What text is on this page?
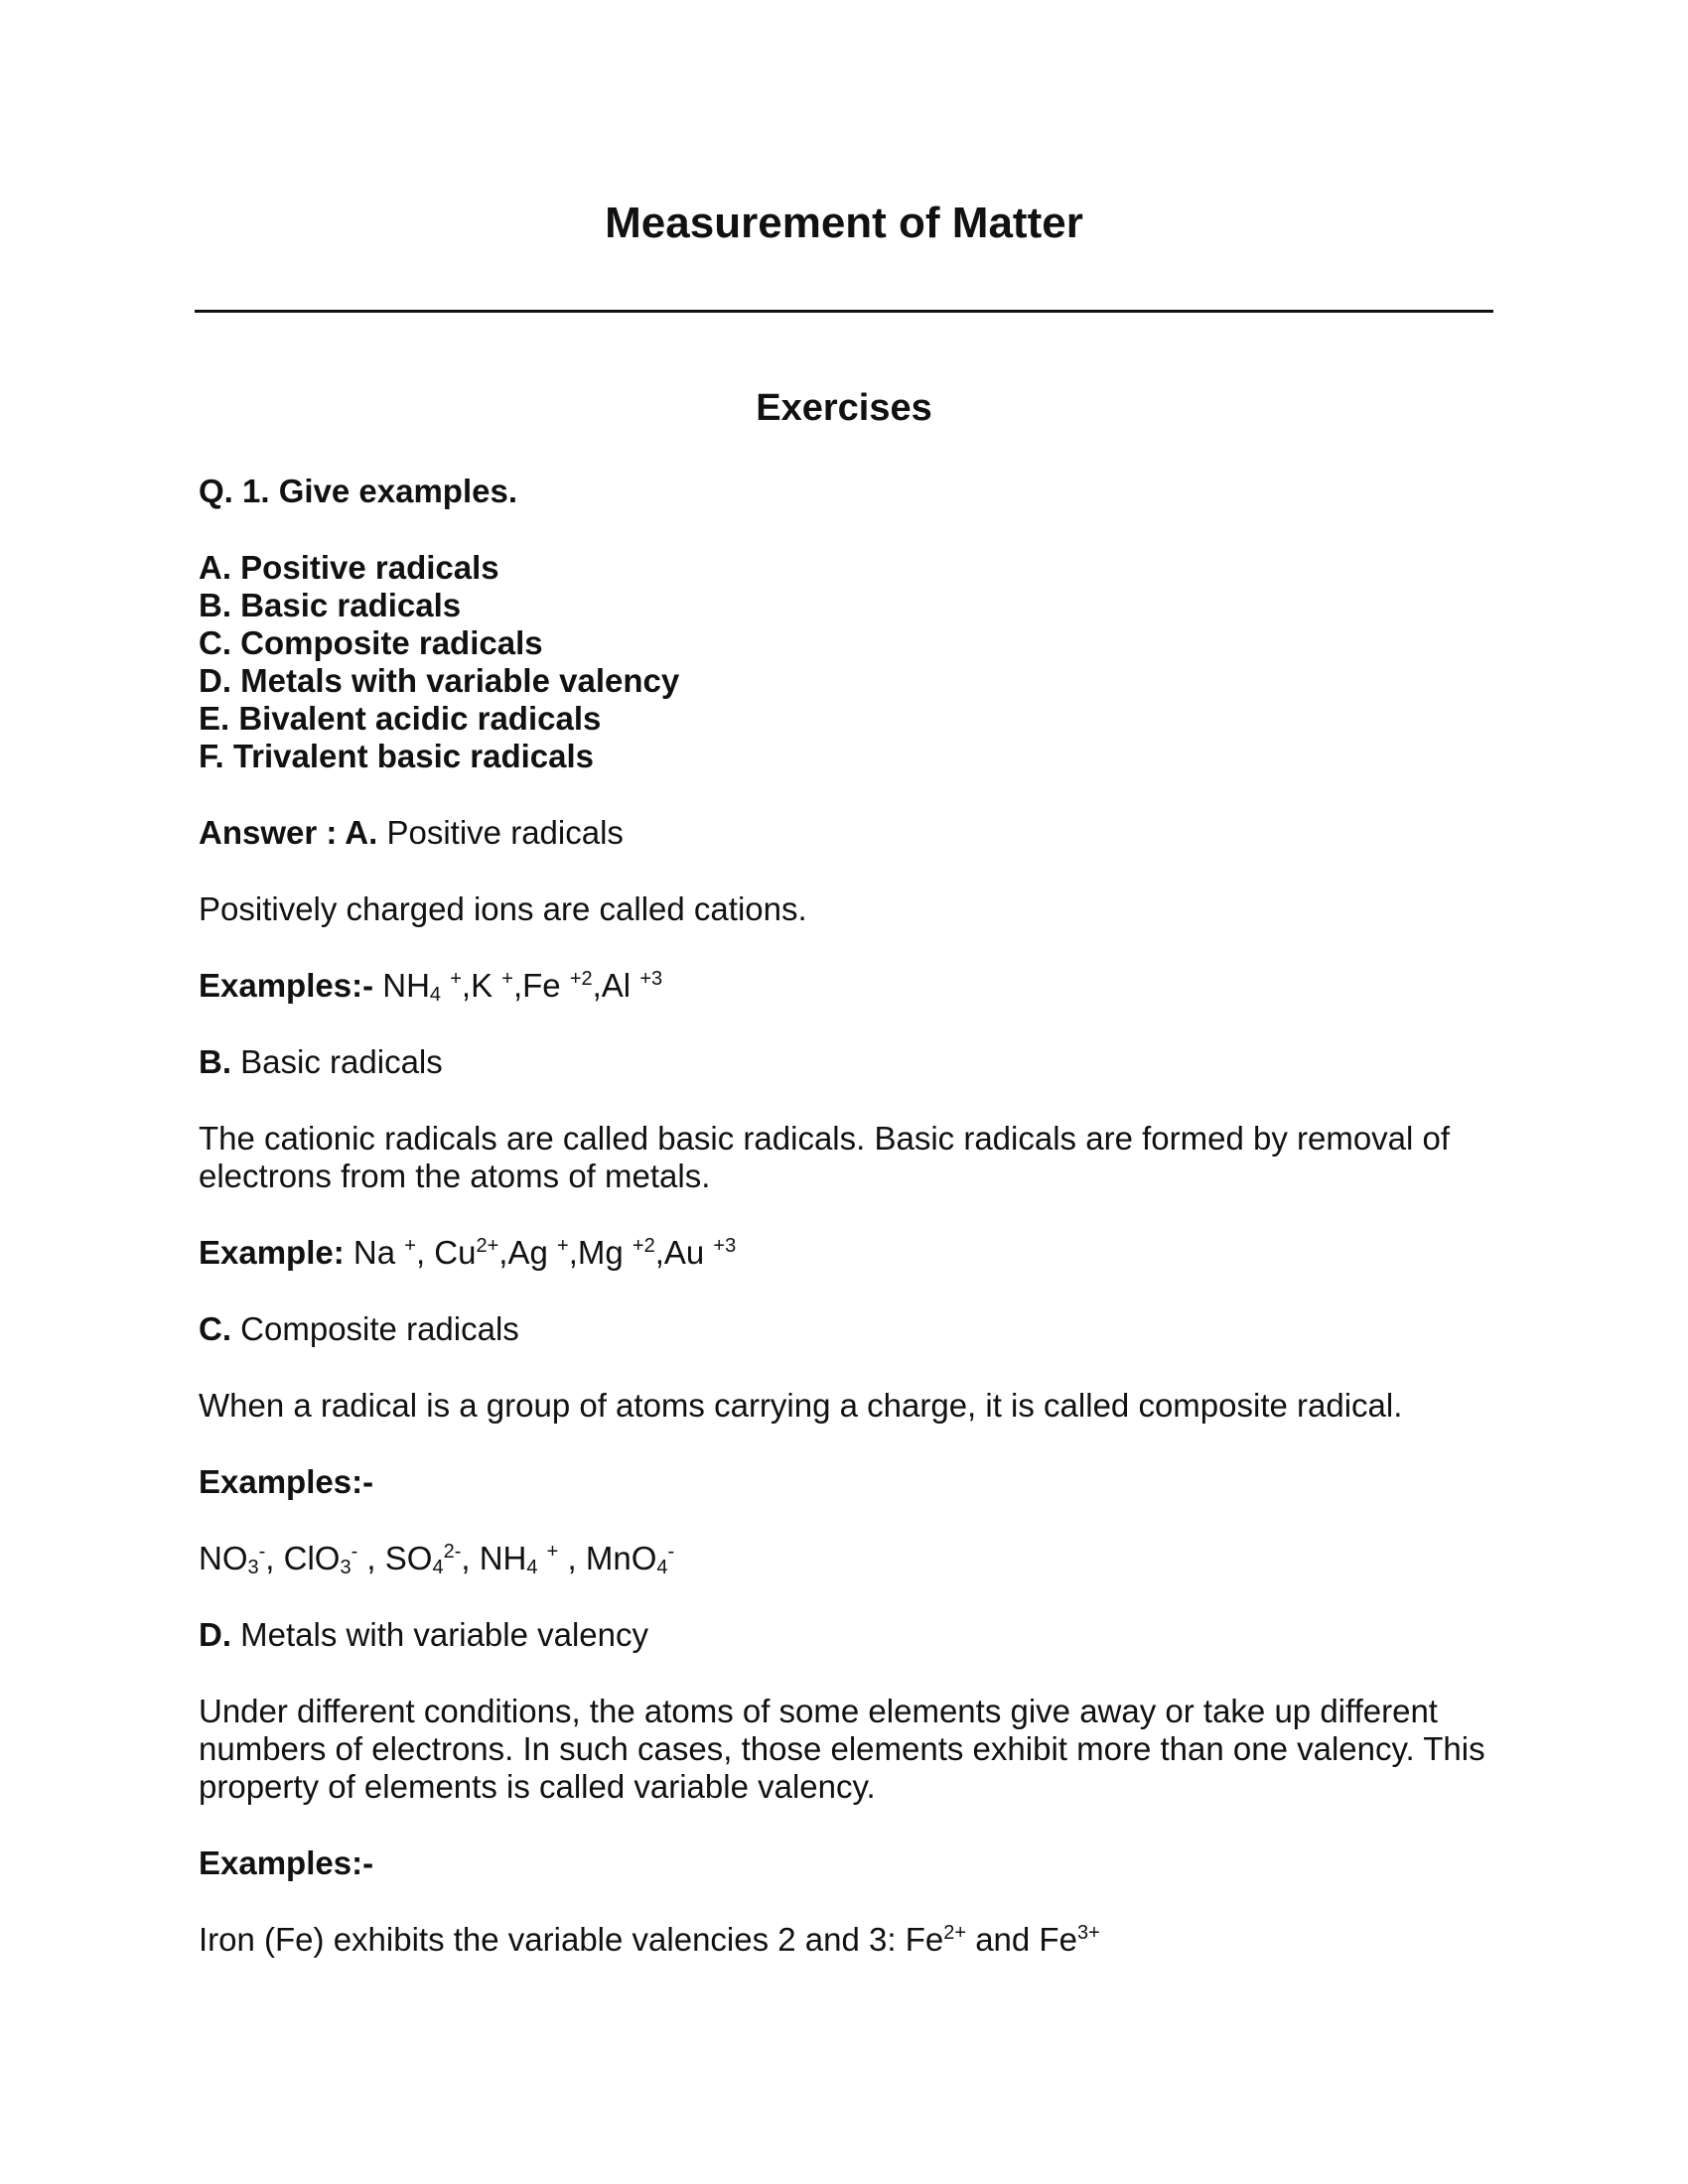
Measurement of Matter
Exercises

Q. 1. Give examples.

A. Positive radicals
B. Basic radicals
C. Composite radicals
D. Metals with variable valency
E. Bivalent acidic radicals
F. Trivalent basic radicals

Answer : A. Positive radicals

Positively charged ions are called cations.

Examples:- $NH_4$ +,K +,Fe $^{+2}$,Al $^{+3}$

B. Basic radicals

The cationic radicals are called basic radicals. Basic radicals are formed by removal of electrons from the atoms of metals.

Example: Na +, $Cu^{2+},Ag$ +,Mg $^{+2}$,Au $^{+3}$

C. Composite radicals

When a radical is a group of atoms carrying a charge, it is called composite radical.

Examples:-

$NO_3^-$, ClO$_3$- , $SO_4^{2-}$, $NH_4$ + , MnO$_4$-

D. Metals with variable valency

Under different conditions, the atoms of some elements give away or take up different numbers of electrons. In such cases, those elements exhibit more than one valency. This property of elements is called variable valency.

Examples:-

Iron (Fe) exhibits the variable valencies 2 and 3: $Fe^{2+}$ and $Fe^{3+}$
